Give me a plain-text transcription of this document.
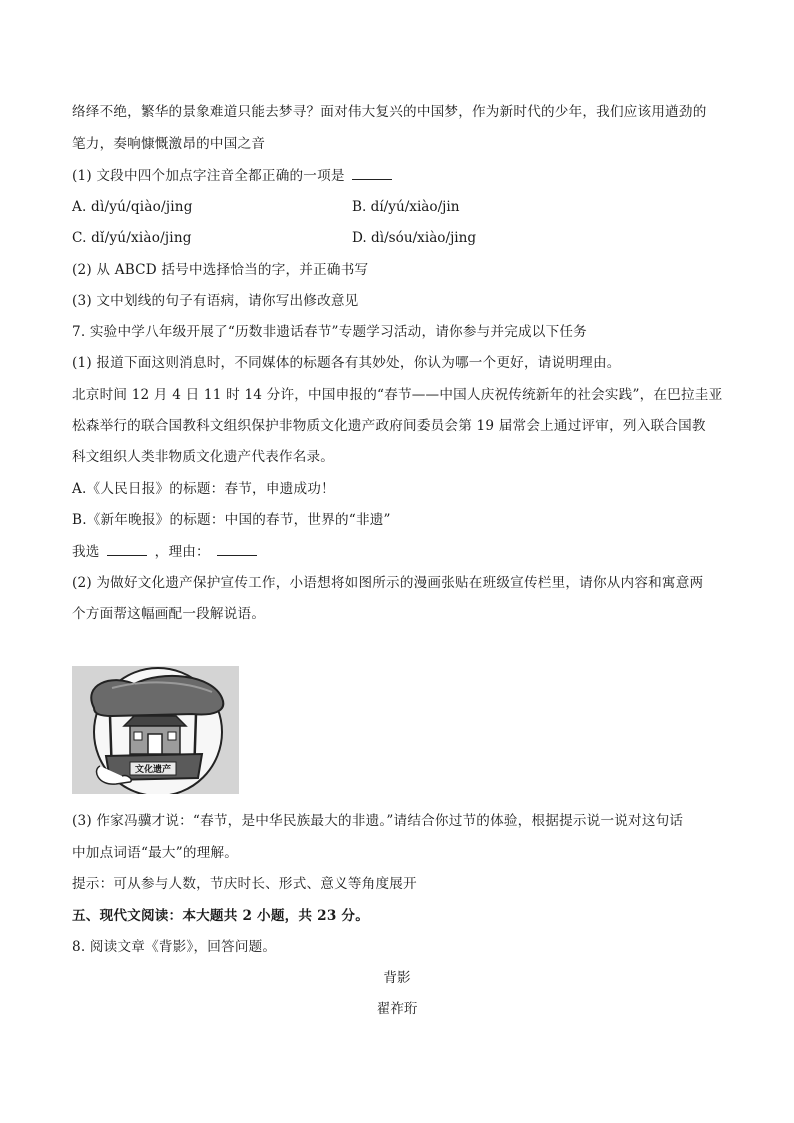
络绎不绝，繁华的景象难道只能去梦寻？面对伟大复兴的中国梦，作为新时代的少年，我们应该用遒劲的
笔力，奏响慷慨激昂的中国之音
(1) 文段中四个加点字注音全都正确的一项是
A. dì/yú/qiào/jing	B. dí/yú/xiào/jin
C. dǐ/yú/xiào/jing	D. dì/sóu/xiào/jing
(2) 从 ABCD 括号中选择恰当的字，并正确书写
(3) 文中划线的句子有语病，请你写出修改意见
7. 实验中学八年级开展了“历数非遗话春节”专题学习活动，请你参与并完成以下任务
(1) 报道下面这则消息时，不同媒体的标题各有其妙处，你认为哪一个更好，请说明理由。
北京时间 12 月 4 日 11 时 14 分许，中国申报的“春节——中国人庆祝传统新年的社会实践”，在巴拉圭亚
松森举行的联合国教科文组织保护非物质文化遗产政府间委员会第 19 届常会上通过评审，列入联合国教
科文组织人类非物质文化遗产代表作名录。
A.《人民日报》的标题：春节，申遗成功！
B.《新年晚报》的标题：中国的春节，世界的“非遗”
我选	，理由：
(2) 为做好文化遗产保护宣传工作，小语想将如图所示的漫画张贴在班级宣传栏里，请你从内容和寓意两
个方面帮这幅画配一段解说语。
文化遗产
(3) 作家冯骥才说：“春节，是中华民族最大的非遗。”请结合你过节的体验，根据提示说一说对这句话
中加点词语“最大”的理解。
提示：可从参与人数，节庆时长、形式、意义等角度展开
五、现代文阅读：本大题共 2 小题，共 23 分。
8. 阅读文章《背影》，回答问题。
背影
翟祚珩
